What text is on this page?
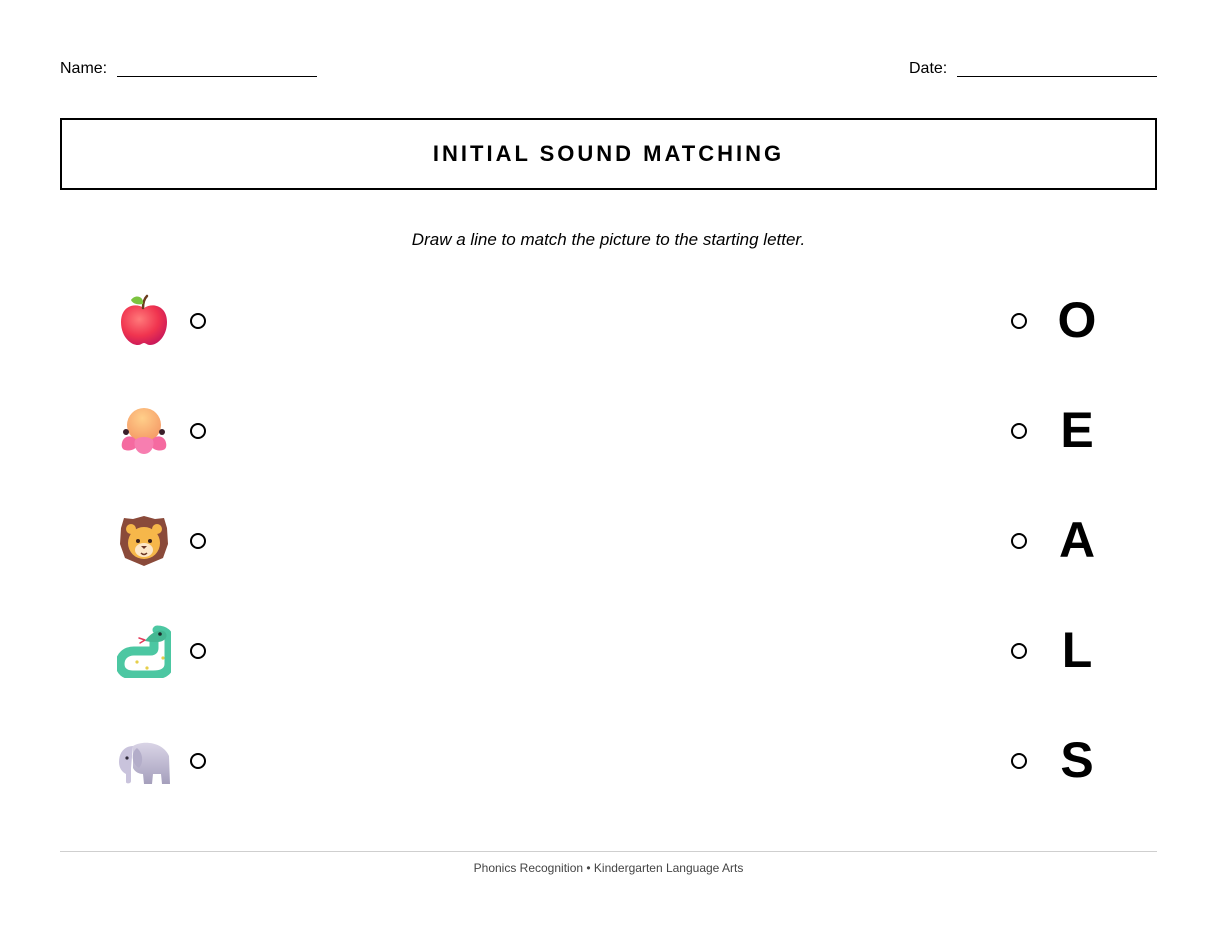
Name:	Date:
INITIAL SOUND MATCHING
Draw a line to match the picture to the starting letter.
O
E
A
L
S
Phonics Recognition • Kindergarten Language Arts
